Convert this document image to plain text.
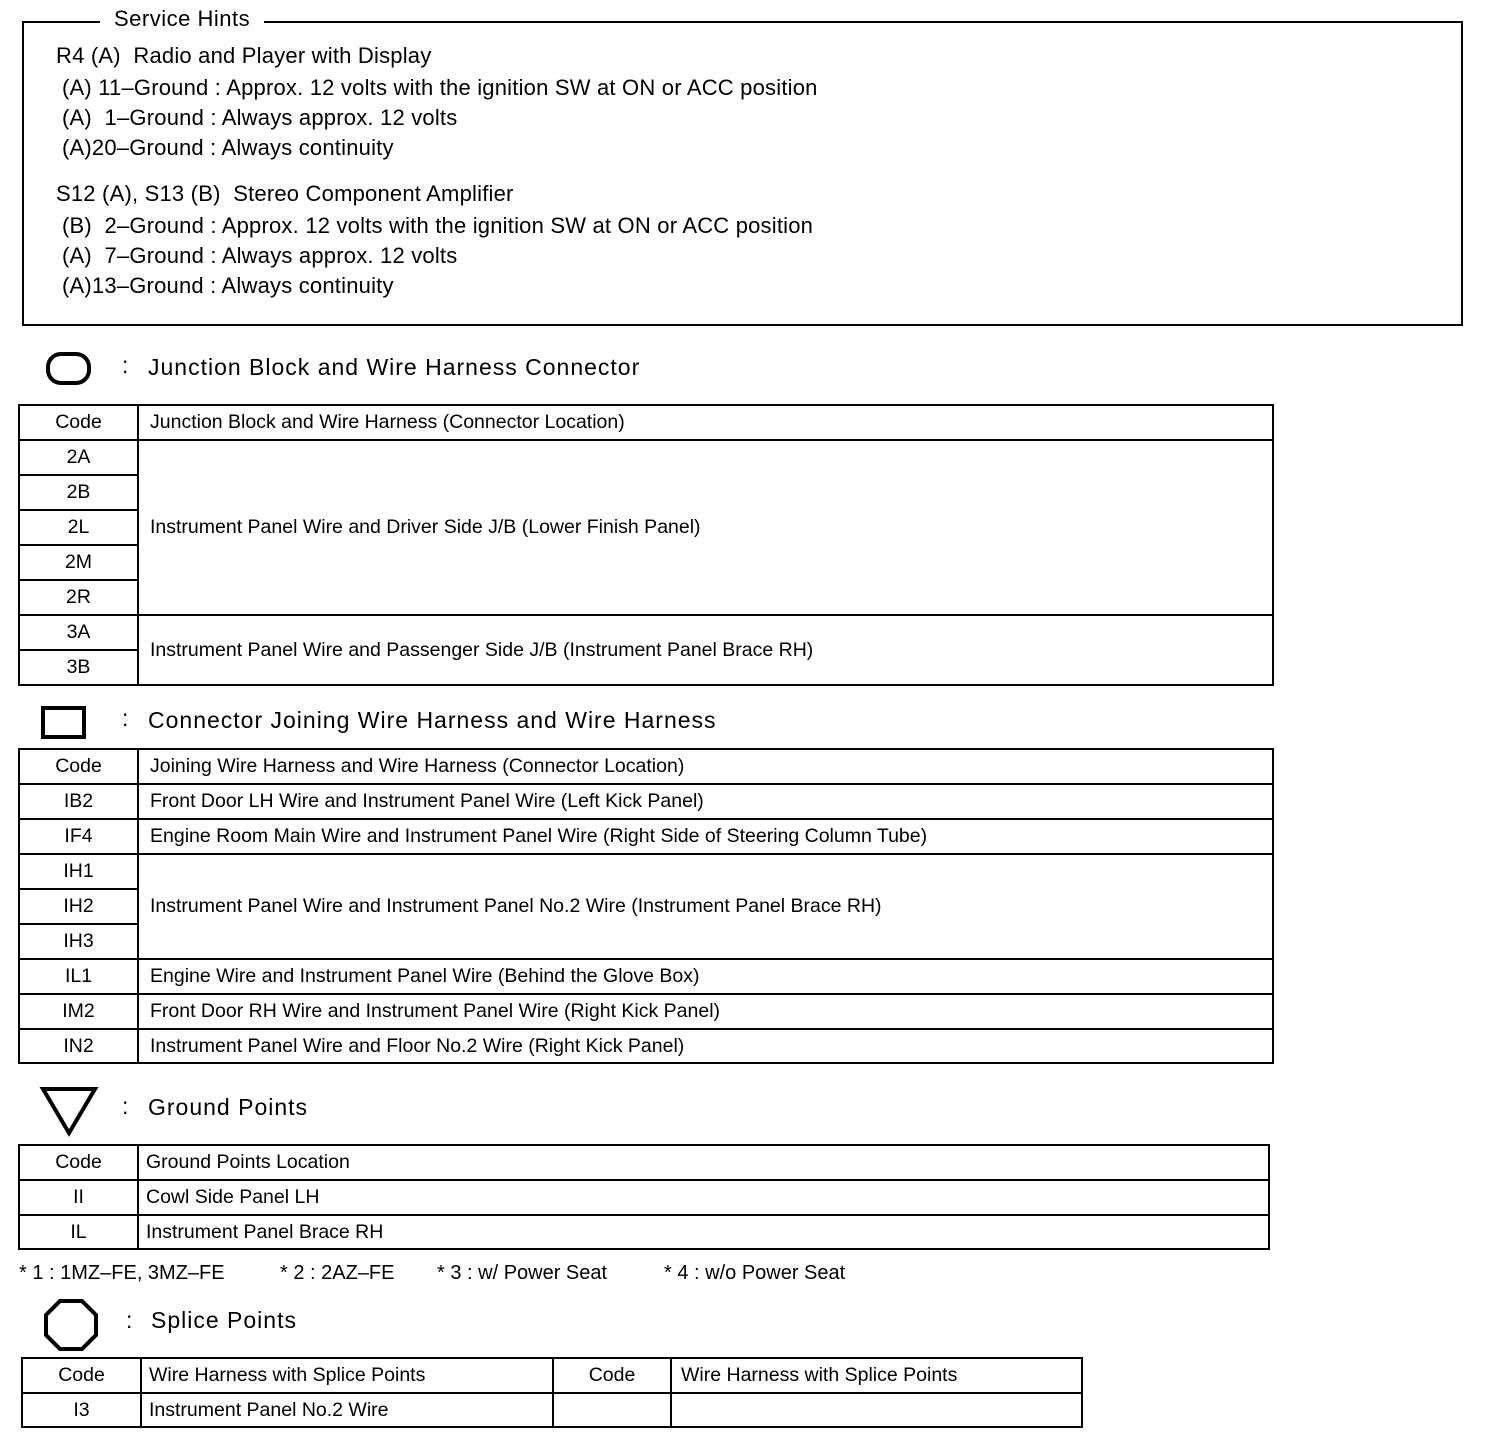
Service Hints
R4 (A)  Radio and Player with Display
(A) 11–Ground : Approx. 12 volts with the ignition SW at ON or ACC position
(A)  1–Ground : Always approx. 12 volts
(A)20–Ground : Always continuity
S12 (A), S13 (B)  Stereo Component Amplifier
(B)  2–Ground : Approx. 12 volts with the ignition SW at ON or ACC position
(A)  7–Ground : Always approx. 12 volts
(A)13–Ground : Always continuity
: Junction Block and Wire Harness Connector
Code	Junction Block and Wire Harness (Connector Location)
2A	Instrument Panel Wire and Driver Side J/B (Lower Finish Panel)
2B	
2L	
2M	
2R	
3A	Instrument Panel Wire and Passenger Side J/B (Instrument Panel Brace RH)
3B	
: Connector Joining Wire Harness and Wire Harness
Code	Joining Wire Harness and Wire Harness (Connector Location)
IB2	Front Door LH Wire and Instrument Panel Wire (Left Kick Panel)
IF4	Engine Room Main Wire and Instrument Panel Wire (Right Side of Steering Column Tube)
IH1	Instrument Panel Wire and Instrument Panel No.2 Wire (Instrument Panel Brace RH)
IH2	
IH3	
IL1	Engine Wire and Instrument Panel Wire (Behind the Glove Box)
IM2	Front Door RH Wire and Instrument Panel Wire (Right Kick Panel)
IN2	Instrument Panel Wire and Floor No.2 Wire (Right Kick Panel)
: Ground Points
Code	Ground Points Location
II	Cowl Side Panel LH
IL	Instrument Panel Brace RH
* 1 : 1MZ–FE, 3MZ–FE	* 2 : 2AZ–FE * 3 : w/ Power Seat	* 4 : w/o Power Seat
: Splice Points
Code	Wire Harness with Splice Points	Code	Wire Harness with Splice Points
I3	Instrument Panel No.2 Wire		
